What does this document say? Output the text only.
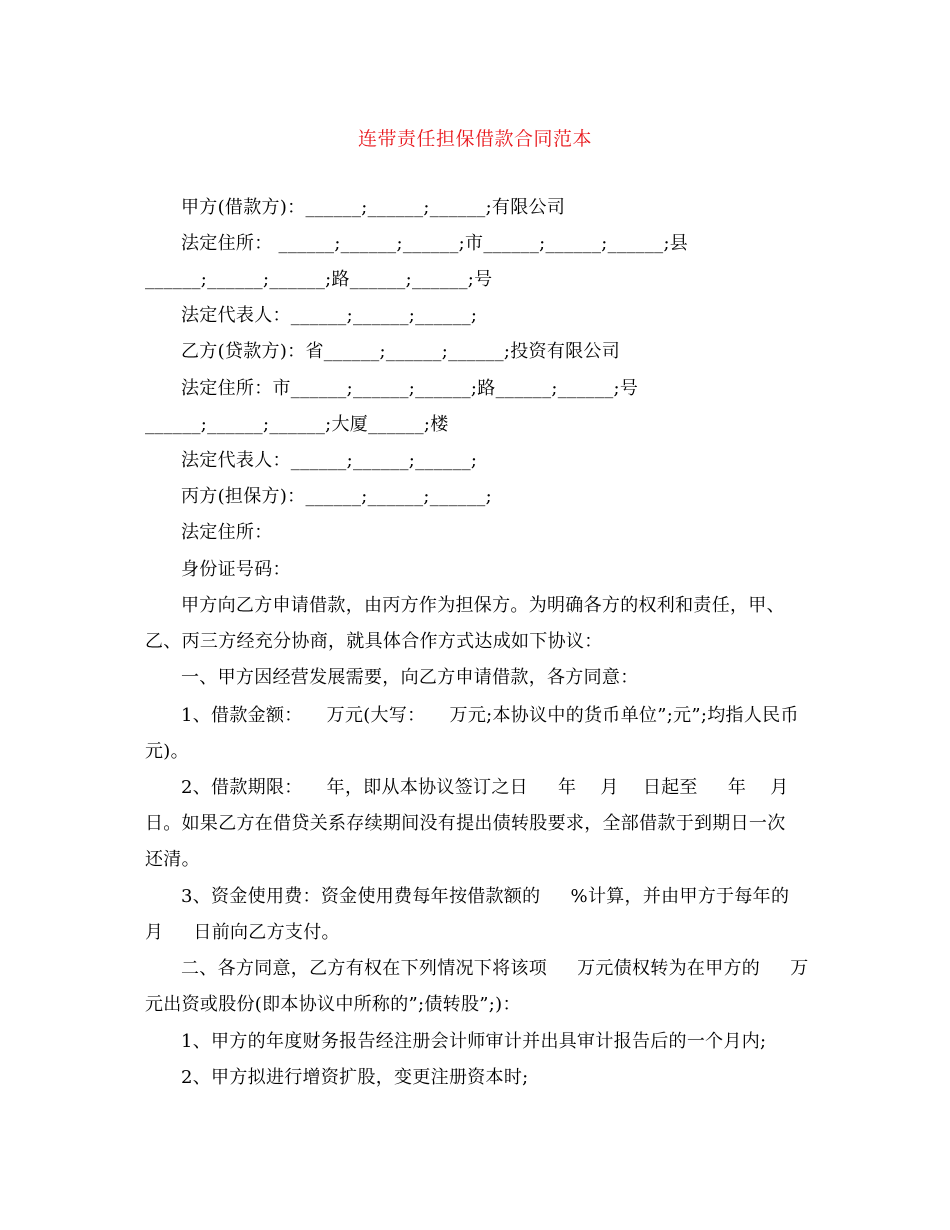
连带责任担保借款合同范本
甲方(借款方)：______;______;______;有限公司
法定住所： ______;______;______;市______;______;______;县
______;______;______;路______;______;号
法定代表人：______;______;______;
乙方(贷款方)：省______;______;______;投资有限公司
法定住所：市______;______;______;路______;______;号
______;______;______;大厦______;楼
法定代表人：______;______;______;
丙方(担保方)：______;______;______;
法定住所：
身份证号码：
甲方向乙方申请借款，由丙方作为担保方。为明确各方的权利和责任，甲、
乙、丙三方经充分协商，就具体合作方式达成如下协议：
一、甲方因经营发展需要，向乙方申请借款，各方同意：
1、借款金额：    万元(大写：    万元;本协议中的货币单位”;元”;均指人民币
元)。
2、借款期限：    年，即从本协议签订之日     年    月    日起至     年    月
日。如果乙方在借贷关系存续期间没有提出债转股要求，全部借款于到期日一次
还清。
3、资金使用费：资金使用费每年按借款额的     %计算，并由甲方于每年的
月     日前向乙方支付。
二、各方同意，乙方有权在下列情况下将该项     万元债权转为在甲方的     万
元出资或股份(即本协议中所称的”;债转股”;)：
1、甲方的年度财务报告经注册会计师审计并出具审计报告后的一个月内;
2、甲方拟进行增资扩股，变更注册资本时;
